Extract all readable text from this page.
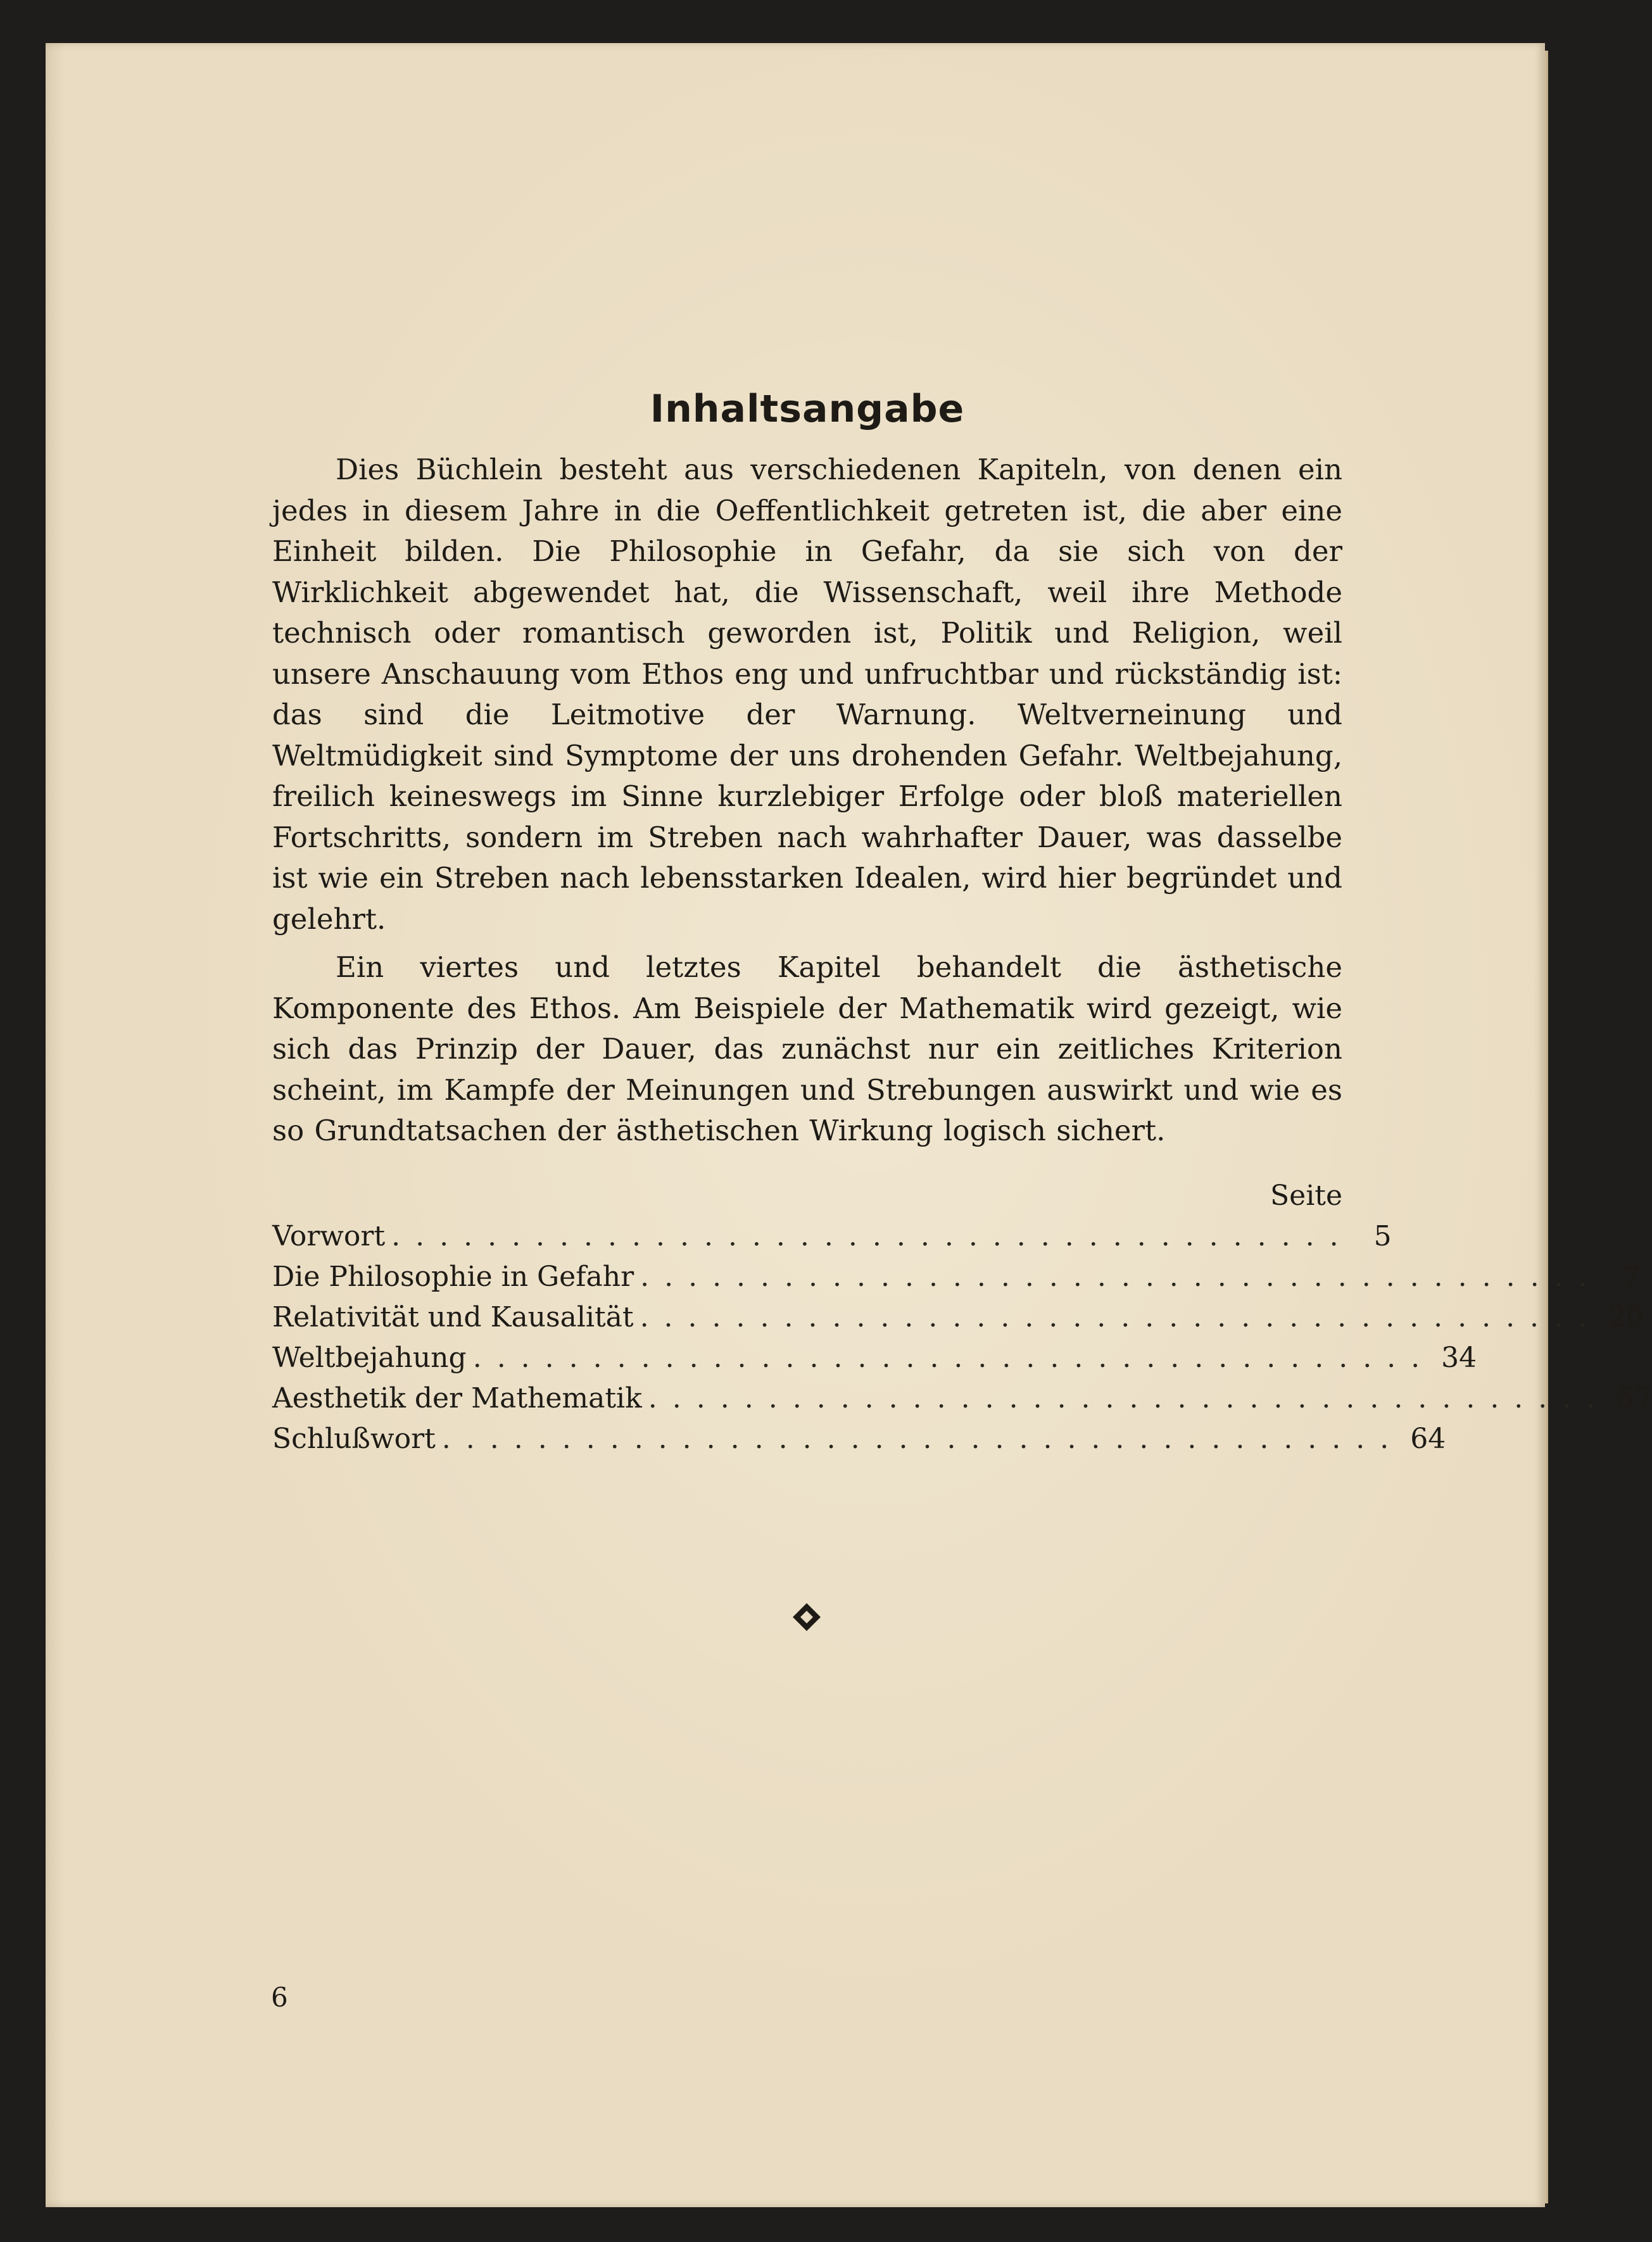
Inhaltsangabe

Dies Büchlein besteht aus verschiedenen Kapiteln, von denen ein jedes in diesem Jahre in die Oeffentlichkeit getreten ist, die aber eine Einheit bilden. Die Philosophie in Gefahr, da sie sich von der Wirklichkeit abgewendet hat, die Wissenschaft, weil ihre Methode technisch oder romantisch geworden ist, Politik und Religion, weil unsere Anschauung vom Ethos eng und unfruchtbar und rückständig ist: das sind die Leitmotive der Warnung. Weltverneinung und Weltmüdigkeit sind Symptome der uns drohenden Gefahr. Weltbejahung, freilich keineswegs im Sinne kurzlebiger Erfolge oder bloß materiellen Fortschritts, sondern im Streben nach wahrhafter Dauer, was dasselbe ist wie ein Streben nach lebensstarken Idealen, wird hier begründet und gelehrt.

Ein viertes und letztes Kapitel behandelt die ästhetische Komponente des Ethos. Am Beispiele der Mathematik wird gezeigt, wie sich das Prinzip der Dauer, das zunächst nur ein zeitliches Kriterion scheint, im Kampfe der Meinungen und Strebungen auswirkt und wie es so Grundtatsachen der ästhetischen Wirkung logisch sichert.

Seite
Vorwort ........................................ 5
Die Philosophie in Gefahr ........................................ 7
Relativität und Kausalität ........................................ 20
Weltbejahung ........................................ 34
Aesthetik der Mathematik ........................................ 57
Schlußwort ........................................ 64
6
